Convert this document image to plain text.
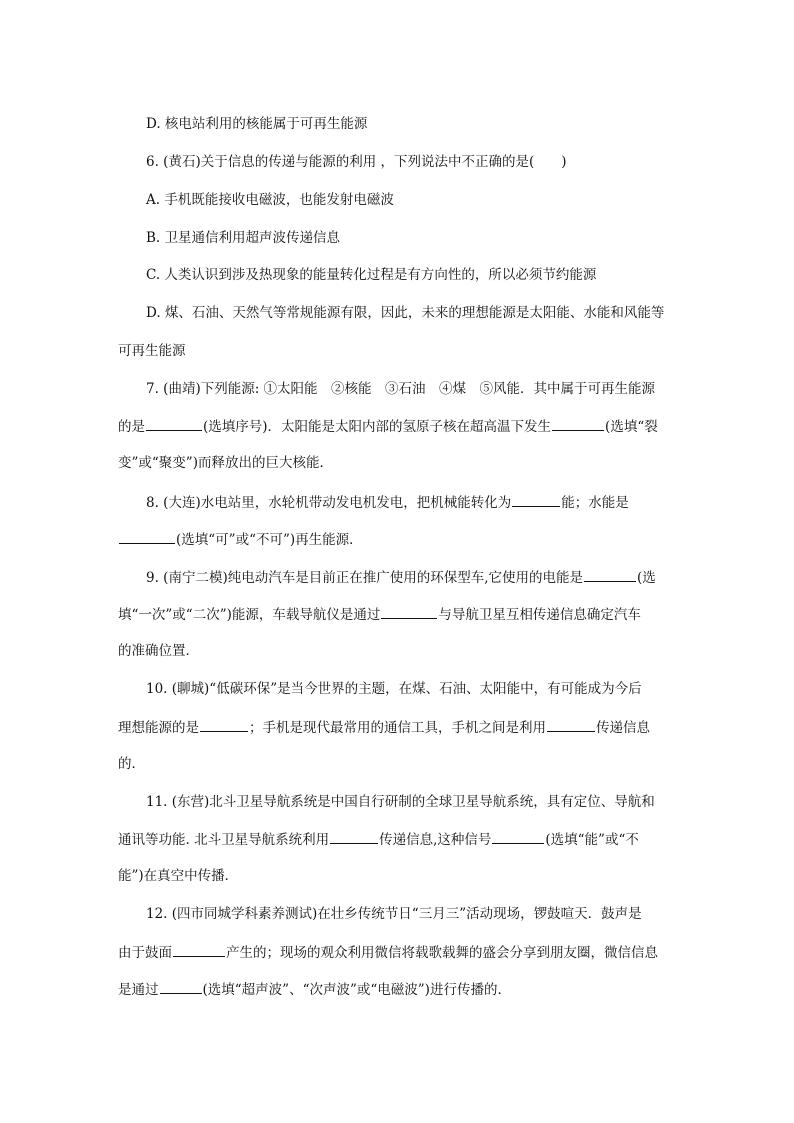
D. 核电站利用的核能属于可再生能源
6. (黄石)关于信息的传递与能源的利用 ，下列说法中不正确的是(　　)
A. 手机既能接收电磁波，也能发射电磁波
B. 卫星通信利用超声波传递信息
C. 人类认识到涉及热现象的能量转化过程是有方向性的，所以必须节约能源
D. 煤、石油、天然气等常规能源有限，因此，未来的理想能源是太阳能、水能和风能等
可再生能源
7. (曲靖)下列能源: ①太阳能　②核能　③石油　④煤　⑤风能．其中属于可再生能源
的是	(选填序号)．太阳能是太阳内部的氢原子核在超高温下发生	(选填“裂
变”或“聚变”)而释放出的巨大核能．
8. (大连)水电站里，水轮机带动发电机发电，把机械能转化为	能；水能是
(选填“可”或“不可”)再生能源．
9. (南宁二模)纯电动汽车是目前正在推广使用的环保型车,它使用的电能是	(选
填“一次”或“二次”)能源，车载导航仪是通过	与导航卫星互相传递信息确定汽车
的准确位置．
10. (聊城)“低碳环保”是当今世界的主题，在煤、石油、太阳能中，有可能成为今后
理想能源的是	；手机是现代最常用的通信工具，手机之间是利用	传递信息
的．
11. (东营)北斗卫星导航系统是中国自行研制的全球卫星导航系统，具有定位、导航和
通讯等功能. 北斗卫星导航系统利用	传递信息,这种信号	(选填“能”或“不
能”)在真空中传播．
12. (四市同城学科素养测试)在壮乡传统节日“三月三”活动现场，锣鼓喧天．鼓声是
由于鼓面	产生的；现场的观众利用微信将载歌载舞的盛会分享到朋友圈，微信信息
是通过	(选填“超声波”、“次声波”或“电磁波”)进行传播的．
